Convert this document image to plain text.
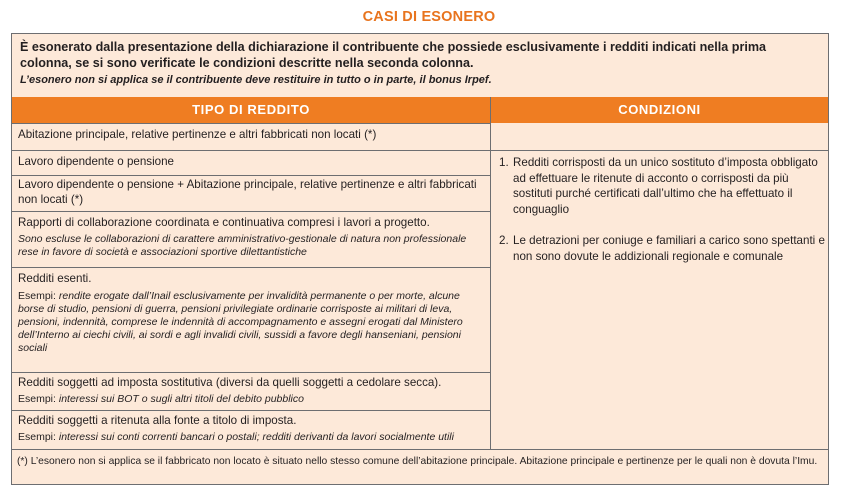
CASI DI ESONERO
È esonerato dalla presentazione della dichiarazione il contribuente che possiede esclusivamente i redditi indicati nella prima colonna, se si sono verificate le condizioni descritte nella seconda colonna.
L’esonero non si applica se il contribuente deve restituire in tutto o in parte, il bonus Irpef.
TIPO DI REDDITO	CONDIZIONI
Abitazione principale, relative pertinenze e altri fabbricati non locati (*)
Lavoro dipendente o pensione
Lavoro dipendente o pensione + Abitazione principale, relative pertinenze e altri fabbricati non locati (*)
Rapporti di collaborazione coordinata e continuativa compresi i lavori a progetto.
Sono escluse le collaborazioni di carattere amministrativo-gestionale di natura non professionale rese in favore di società e associazioni sportive dilettantistiche
Redditi esenti.
Esempi: rendite erogate dall’Inail esclusivamente per invalidità permanente o per morte, alcune borse di studio, pensioni di guerra, pensioni privilegiate ordinarie corrisposte ai militari di leva, pensioni, indennità, comprese le indennità di accompagnamento e assegni erogati dal Ministero dell’Interno ai ciechi civili, ai sordi e agli invalidi civili, sussidi a favore degli hanseniani, pensioni sociali
Redditi soggetti ad imposta sostitutiva (diversi da quelli soggetti a cedolare secca).
Esempi: interessi sui BOT o sugli altri titoli del debito pubblico
Redditi soggetti a ritenuta alla fonte a titolo di imposta.
Esempi: interessi sui conti correnti bancari o postali; redditi derivanti da lavori socialmente utili
1. Redditi corrisposti da un unico sostituto d’imposta obbligato ad effettuare le ritenute di acconto o corrisposti da più sostituti purché certificati dall’ultimo che ha effettuato il conguaglio
2. Le detrazioni per coniuge e familiari a carico sono spettanti e non sono dovute le addizionali regionale e comunale
(*) L’esonero non si applica se il fabbricato non locato è situato nello stesso comune dell’abitazione principale. Abitazione principale e pertinenze per le quali non è dovuta l’Imu.
